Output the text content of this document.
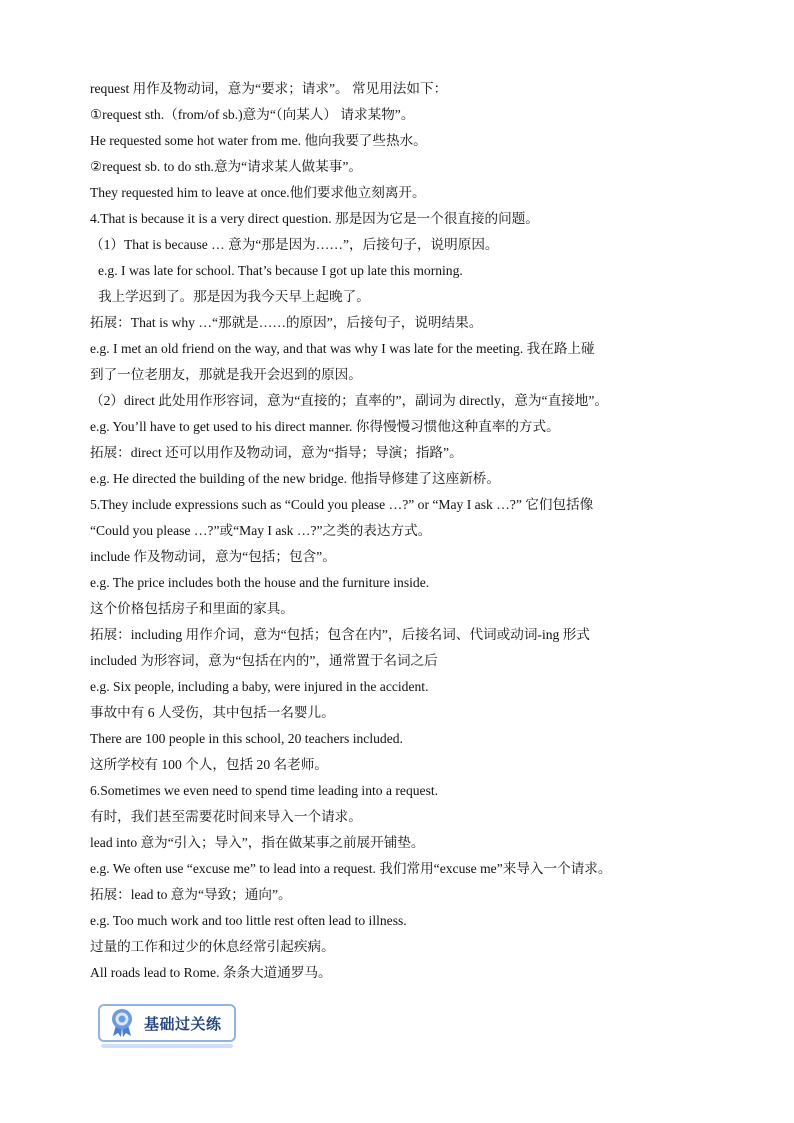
request 用作及物动词，意为“要求；请求”。 常见用法如下：
①request sth.（from/of sb.)意为“（向某人） 请求某物”。
He requested some hot water from me. 他向我要了些热水。
②request sb. to do sth.意为“请求某人做某事”。
They requested him to leave at once.他们要求他立刻离开。
4.That is because it is a very direct question. 那是因为它是一个很直接的问题。
（1）That is because … 意为“那是因为……”，后接句子，说明原因。
e.g. I was late for school. That’s because I got up late this morning.
我上学迟到了。那是因为我今天早上起晚了。
拓展：That is why …“那就是……的原因”，后接句子，说明结果。
e.g. I met an old friend on the way, and that was why I was late for the meeting. 我在路上碰
到了一位老朋友，那就是我开会迟到的原因。
（2）direct 此处用作形容词，意为“直接的；直率的”，副词为 directly，意为“直接地”。
e.g. You’ll have to get used to his direct manner. 你得慢慢习惯他这种直率的方式。
拓展：direct 还可以用作及物动词，意为“指导；导演；指路”。
e.g. He directed the building of the new bridge. 他指导修建了这座新桥。
5.They include expressions such as “Could you please …?” or “May I ask …?” 它们包括像
“Could you please …?”或“May I ask …?”之类的表达方式。
include 作及物动词，意为“包括；包含”。
e.g. The price includes both the house and the furniture inside.
这个价格包括房子和里面的家具。
拓展：including 用作介词，意为“包括；包含在内”，后接名词、代词或动词-ing 形式
included 为形容词，意为“包括在内的”，通常置于名词之后
e.g. Six people, including a baby, were injured in the accident.
事故中有 6 人受伤，其中包括一名婴儿。
There are 100 people in this school, 20 teachers included.
这所学校有 100 个人，包括 20 名老师。
6.Sometimes we even need to spend time leading into a request.
有时，我们甚至需要花时间来导入一个请求。
lead into 意为“引入；导入”，指在做某事之前展开铺垫。
e.g. We often use “excuse me” to lead into a request. 我们常用“excuse me”来导入一个请求。
拓展：lead to 意为“导致；通向”。
e.g. Too much work and too little rest often lead to illness.
过量的工作和过少的休息经常引起疾病。
All roads lead to Rome. 条条大道通罗马。
基础过关练
